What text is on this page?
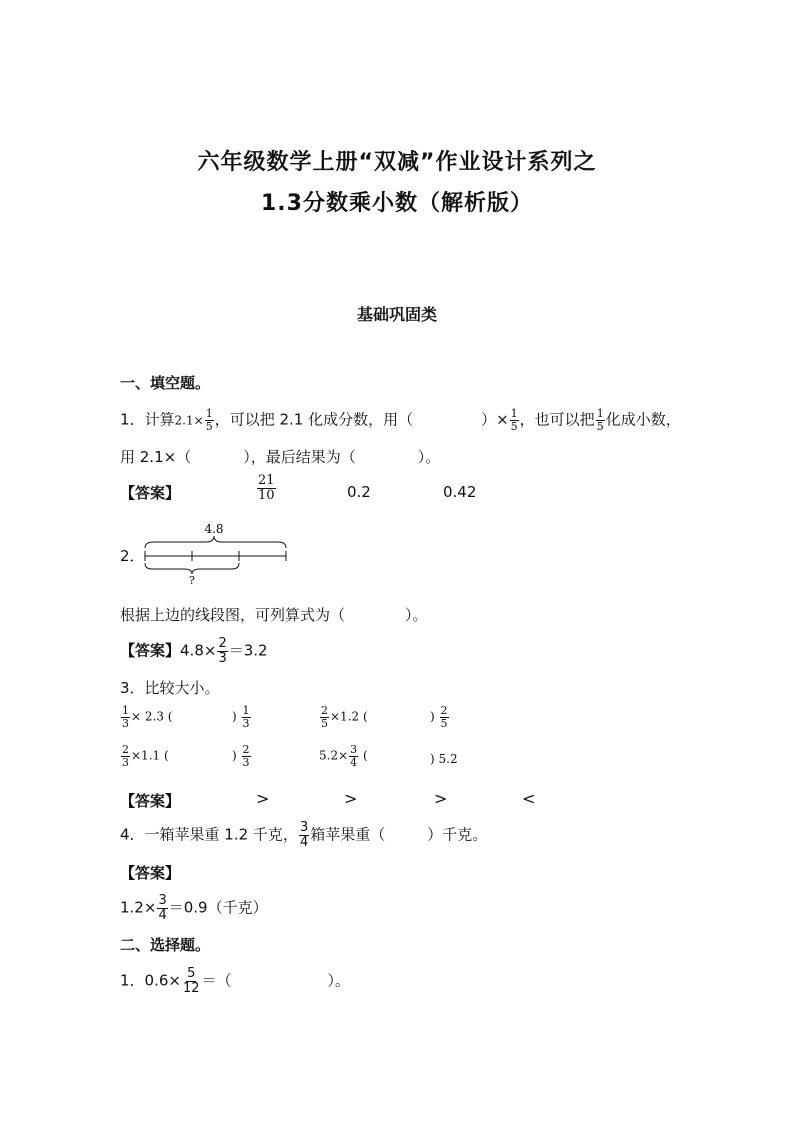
六年级数学上册“双减”作业设计系列之
1.3分数乘小数（解析版）
基础巩固类
一、填空题。
1．计算$2.1\times \frac{1}{5}$ ，可以把 2.1 化成分数，用（	）× $\frac{1}{5}$ ，也可以把 $\frac{1}{5}$ 化成小数，
用 2.1×（	），最后结果为（	）。
【答案】	$\frac{21}{10}$	0.2	0.42
2．
4.8
?
根据上边的线段图，可列算式为（	）。
【答案】$4.8\times \frac{2}{3} =3.2$
3．比较大小。
$\frac{1}{3} \times 2.3$ (	) $\frac{1}{3}$	$\frac{2}{5} \times 1.2$ (	) $\frac{2}{5}$
$\frac{2}{3} \times 1.1$ (	) $\frac{2}{3}$	$5.2\times \frac{3}{4}$ (	) 5.2
【答案】	>	>	>	<
4．一箱苹果重 1.2 千克， $\frac{3}{4}$ 箱苹果重（	）千克。
【答案】
$1.2\times \frac{3}{4} =0.9$（千克）
二、选择题。
1．$0.6\times \frac{5}{12}$ ＝（	）。
